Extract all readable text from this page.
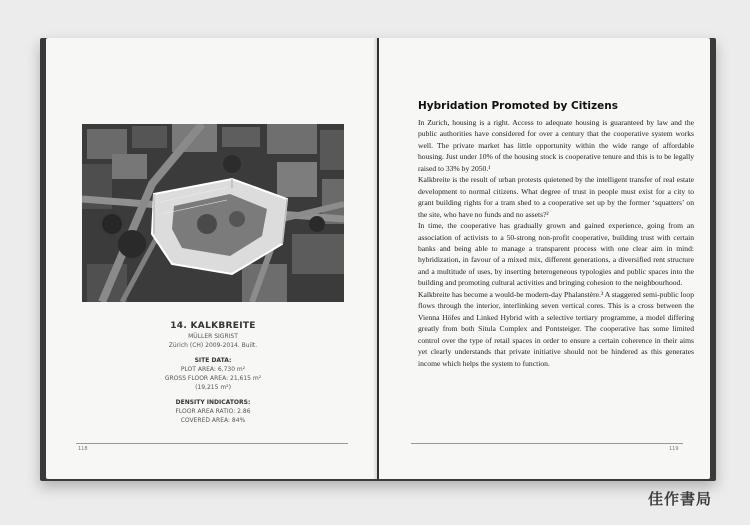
14. KALKBREITE
MÜLLER SIGRIST
Zürich (CH) 2009-2014. Built.
SITE DATA:
PLOT AREA: 6,730 m²
GROSS FLOOR AREA: 21,615 m²
(19,215 m²)
DENSITY INDICATORS:
FLOOR AREA RATIO: 2.86
COVERED AREA: 84%
118
Hybridation Promoted by Citizens

In Zurich, housing is a right. Access to adequate housing is guaranteed by law and the public authorities have considered for over a century that the cooperative system works well. The private market has little opportunity within the wide range of affordable housing. Just under 10% of the housing stock is cooperative tenure and this is to be legally raised to 33% by 2050.¹

Kalkbreite is the result of urban protests quietened by the intelligent transfer of real estate development to normal citizens. What degree of trust in people must exist for a city to grant building rights for a tram shed to a cooperative set up by the former ‘squatters’ on the site, who have no funds and no assets?²

In time, the cooperative has gradually grown and gained experience, going from an association of activists to a 50-strong non-profit cooperative, building trust with certain banks and being able to manage a transparent process with one clear aim in mind: hybridization, in favour of a mixed mix, different generations, a diversified rent structure and a multitude of uses, by inserting heterogeneous typologies and public spaces into the building and promoting cultural activities and bringing cohesion to the neighbourhood.

Kalkbreite has become a would-be modern-day Phalanstère.³ A staggered semi-public loop flows through the interior, interlinking seven vertical cores. This is a cross between the Vienna Höfes and Linked Hybrid with a selective tertiary programme, a model differing greatly from both Situla Complex and Pontsteiger. The cooperative has some limited control over the type of retail spaces in order to ensure a certain coherence in their aims yet clearly understands that private initiative should not be hindered as this generates income which helps the system to function.

119
佳作書局
